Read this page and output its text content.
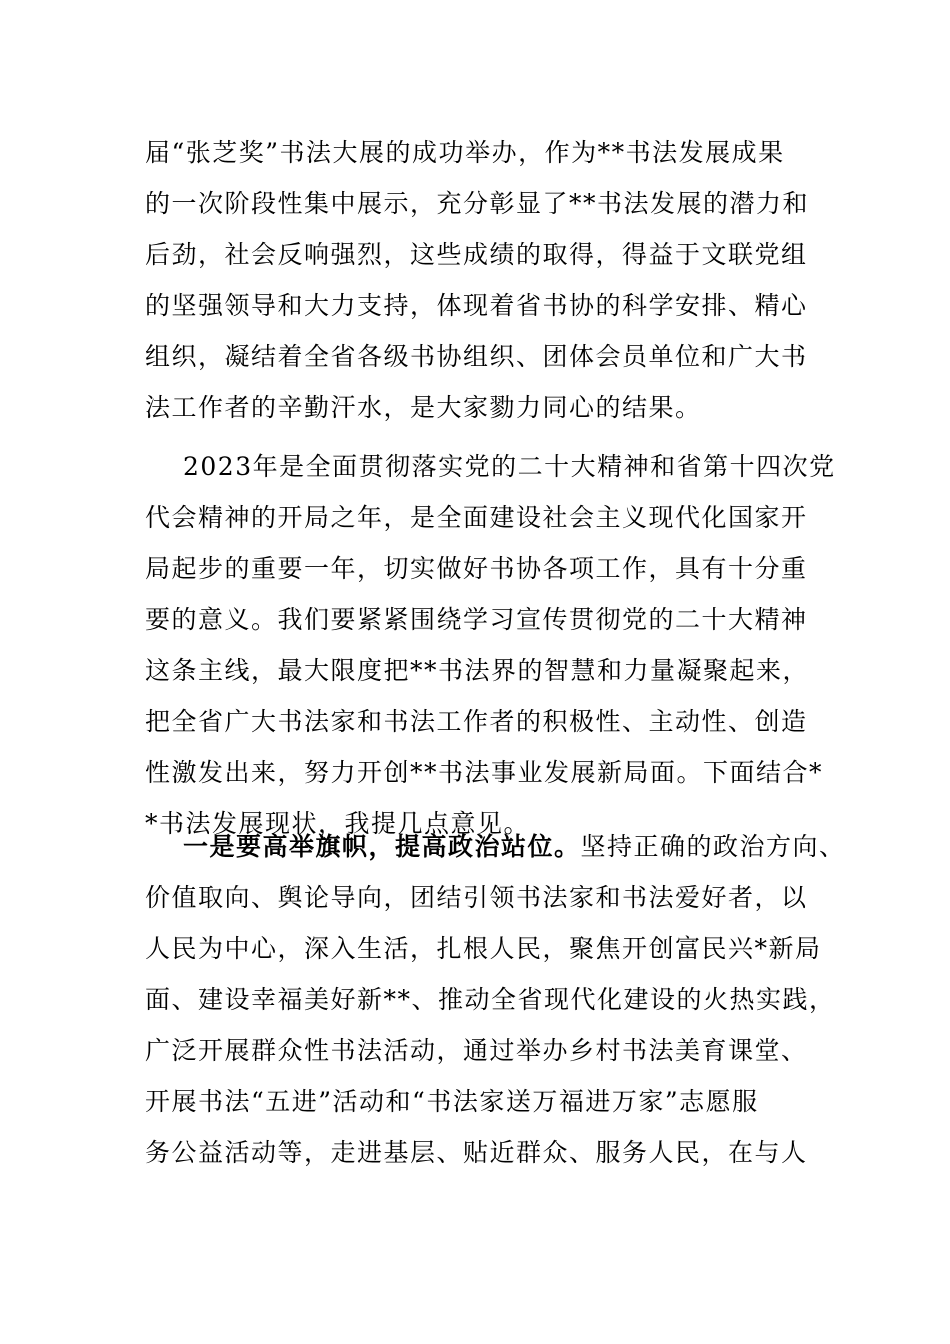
届“张芝奖”书法大展的成功举办，作为**书法发展成果
的一次阶段性集中展示，充分彰显了**书法发展的潜力和
后劲，社会反响强烈，这些成绩的取得，得益于文联党组
的坚强领导和大力支持，体现着省书协的科学安排、精心
组织，凝结着全省各级书协组织、团体会员单位和广大书
法工作者的辛勤汗水，是大家勠力同心的结果。
2023年是全面贯彻落实党的二十大精神和省第十四次党
代会精神的开局之年，是全面建设社会主义现代化国家开
局起步的重要一年，切实做好书协各项工作，具有十分重
要的意义。我们要紧紧围绕学习宣传贯彻党的二十大精神
这条主线，最大限度把**书法界的智慧和力量凝聚起来，
把全省广大书法家和书法工作者的积极性、主动性、创造
性激发出来，努力开创**书法事业发展新局面。下面结合*
*书法发展现状，我提几点意见。
一是要高举旗帜，提高政治站位。坚持正确的政治方向、
价值取向、舆论导向，团结引领书法家和书法爱好者，以
人民为中心，深入生活，扎根人民，聚焦开创富民兴*新局
面、建设幸福美好新**、推动全省现代化建设的火热实践，
广泛开展群众性书法活动，通过举办乡村书法美育课堂、
开展书法“五进”活动和“书法家送万福进万家”志愿服
务公益活动等，走进基层、贴近群众、服务人民，在与人
